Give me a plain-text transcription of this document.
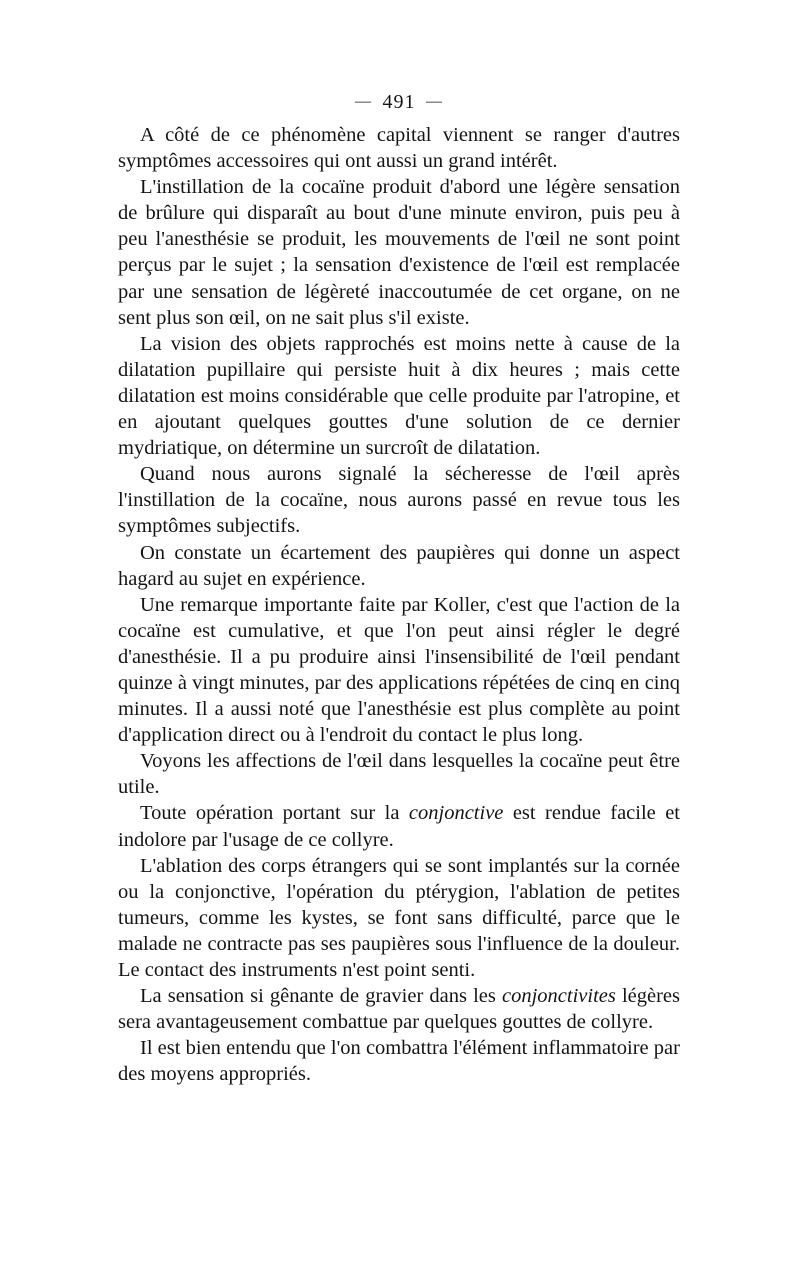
— 491 —

A côté de ce phénomène capital viennent se ranger d'autres symptômes accessoires qui ont aussi un grand intérêt.

L'instillation de la cocaïne produit d'abord une légère sensation de brûlure qui disparaît au bout d'une minute environ, puis peu à peu l'anesthésie se produit, les mouvements de l'œil ne sont point perçus par le sujet ; la sensation d'existence de l'œil est remplacée par une sensation de légèreté inaccoutumée de cet organe, on ne sent plus son œil, on ne sait plus s'il existe.

La vision des objets rapprochés est moins nette à cause de la dilatation pupillaire qui persiste huit à dix heures ; mais cette dilatation est moins considérable que celle produite par l'atropine, et en ajoutant quelques gouttes d'une solution de ce dernier mydriatique, on détermine un surcroît de dilatation.

Quand nous aurons signalé la sécheresse de l'œil après l'instillation de la cocaïne, nous aurons passé en revue tous les symptômes subjectifs.

On constate un écartement des paupières qui donne un aspect hagard au sujet en expérience.

Une remarque importante faite par Koller, c'est que l'action de la cocaïne est cumulative, et que l'on peut ainsi régler le degré d'anesthésie. Il a pu produire ainsi l'insensibilité de l'œil pendant quinze à vingt minutes, par des applications répétées de cinq en cinq minutes. Il a aussi noté que l'anesthésie est plus complète au point d'application direct ou à l'endroit du contact le plus long.

Voyons les affections de l'œil dans lesquelles la cocaïne peut être utile.

Toute opération portant sur la conjonctive est rendue facile et indolore par l'usage de ce collyre.

L'ablation des corps étrangers qui se sont implantés sur la cornée ou la conjonctive, l'opération du ptérygion, l'ablation de petites tumeurs, comme les kystes, se font sans difficulté, parce que le malade ne contracte pas ses paupières sous l'influence de la douleur. Le contact des instruments n'est point senti.

La sensation si gênante de gravier dans les conjonctivites légères sera avantageusement combattue par quelques gouttes de collyre.

Il est bien entendu que l'on combattra l'élément inflammatoire par des moyens appropriés.
